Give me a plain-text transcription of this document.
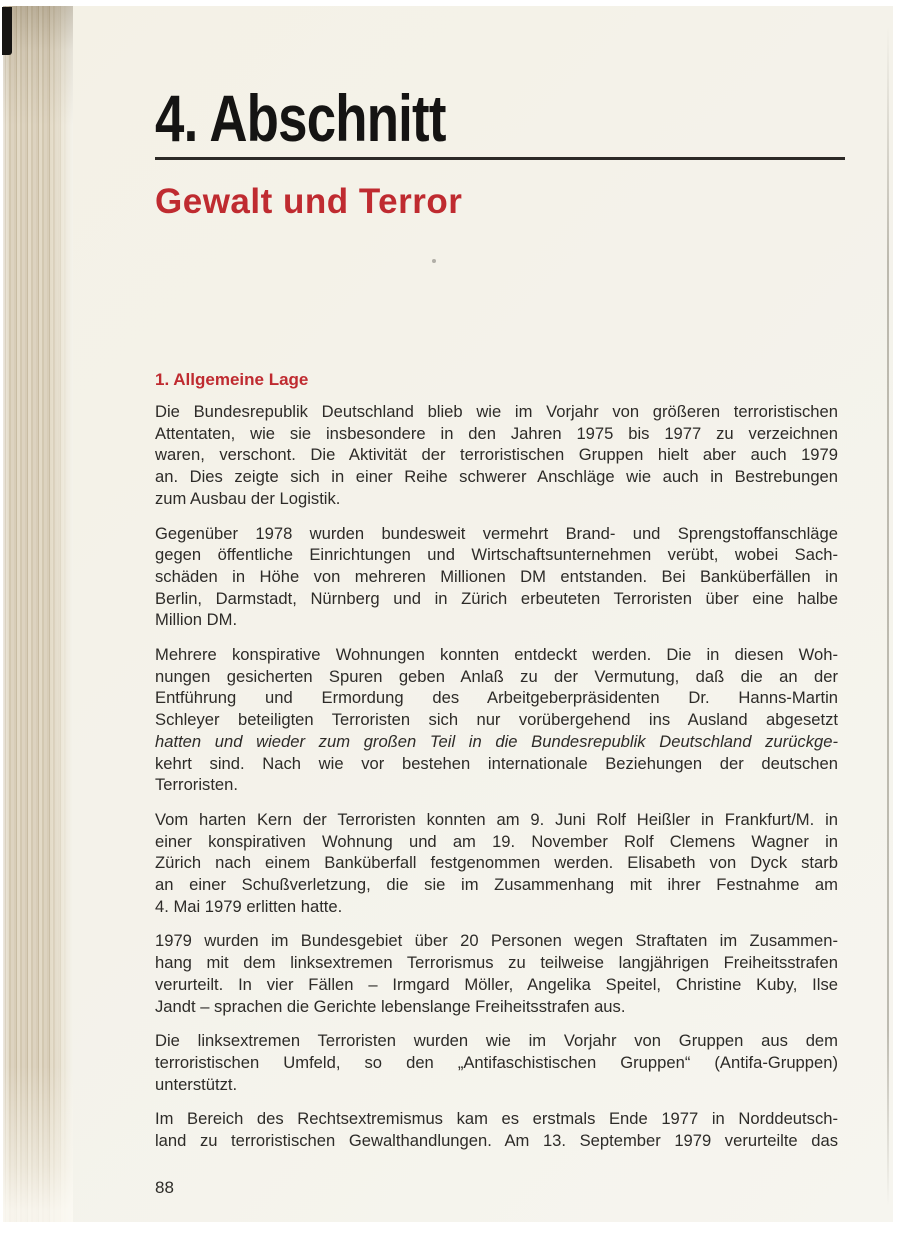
4. Abschnitt
Gewalt und Terror
1. Allgemeine Lage
Die Bundesrepublik Deutschland blieb wie im Vorjahr von größeren terroristischen
Attentaten, wie sie insbesondere in den Jahren 1975 bis 1977 zu verzeichnen
waren, verschont. Die Aktivität der terroristischen Gruppen hielt aber auch 1979
an. Dies zeigte sich in einer Reihe schwerer Anschläge wie auch in Bestrebungen
zum Ausbau der Logistik.
Gegenüber 1978 wurden bundesweit vermehrt Brand- und Sprengstoffanschläge
gegen öffentliche Einrichtungen und Wirtschaftsunternehmen verübt, wobei Sach-
schäden in Höhe von mehreren Millionen DM entstanden. Bei Banküberfällen in
Berlin, Darmstadt, Nürnberg und in Zürich erbeuteten Terroristen über eine halbe
Million DM.
Mehrere konspirative Wohnungen konnten entdeckt werden. Die in diesen Woh-
nungen gesicherten Spuren geben Anlaß zu der Vermutung, daß die an der
Entführung und Ermordung des Arbeitgeberpräsidenten Dr. Hanns-Martin
Schleyer beteiligten Terroristen sich nur vorübergehend ins Ausland abgesetzt
hatten und wieder zum großen Teil in die Bundesrepublik Deutschland zurückge-
kehrt sind. Nach wie vor bestehen internationale Beziehungen der deutschen
Terroristen.
Vom harten Kern der Terroristen konnten am 9. Juni Rolf Heißler in Frankfurt/M. in
einer konspirativen Wohnung und am 19. November Rolf Clemens Wagner in
Zürich nach einem Banküberfall festgenommen werden. Elisabeth von Dyck starb
an einer Schußverletzung, die sie im Zusammenhang mit ihrer Festnahme am
4. Mai 1979 erlitten hatte.
1979 wurden im Bundesgebiet über 20 Personen wegen Straftaten im Zusammen-
hang mit dem linksextremen Terrorismus zu teilweise langjährigen Freiheitsstrafen
verurteilt. In vier Fällen – Irmgard Möller, Angelika Speitel, Christine Kuby, Ilse
Jandt – sprachen die Gerichte lebenslange Freiheitsstrafen aus.
Die linksextremen Terroristen wurden wie im Vorjahr von Gruppen aus dem
terroristischen Umfeld, so den „Antifaschistischen Gruppen“ (Antifa-Gruppen)
unterstützt.
Im Bereich des Rechtsextremismus kam es erstmals Ende 1977 in Norddeutsch-
land zu terroristischen Gewalthandlungen. Am 13. September 1979 verurteilte das
88
